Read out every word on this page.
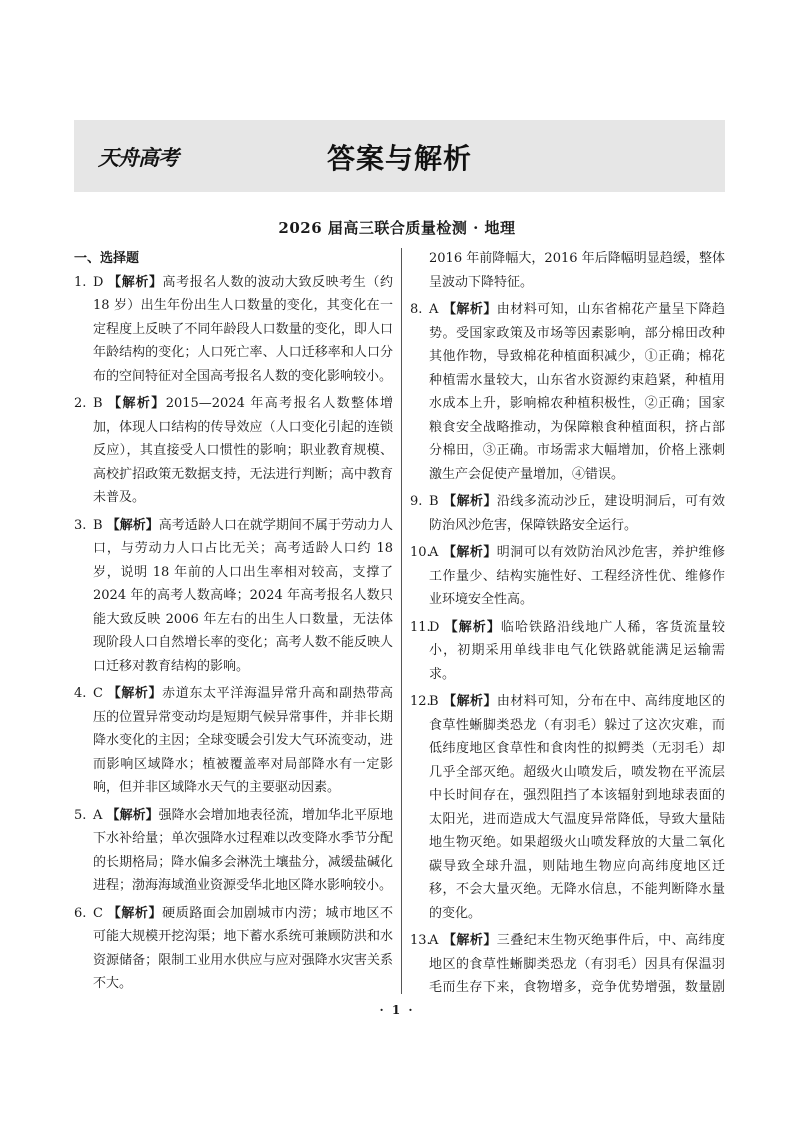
天舟高考	答案与解析
2026 届高三联合质量检测 · 地理
一、选择题
1. D 【解析】高考报名人数的波动大致反映考生（约 18 岁）出生年份出生人口数量的变化，其变化在一定程度上反映了不同年龄段人口数量的变化，即人口年龄结构的变化；人口死亡率、人口迁移率和人口分布的空间特征对全国高考报名人数的变化影响较小。
2. B 【解析】2015—2024 年高考报名人数整体增加，体现人口结构的传导效应（人口变化引起的连锁反应），其直接受人口惯性的影响；职业教育规模、高校扩招政策无数据支持，无法进行判断；高中教育未普及。
3. B 【解析】高考适龄人口在就学期间不属于劳动力人口，与劳动力人口占比无关；高考适龄人口约 18 岁，说明 18 年前的人口出生率相对较高，支撑了 2024 年的高考人数高峰；2024 年高考报名人数只能大致反映 2006 年左右的出生人口数量，无法体现阶段人口自然增长率的变化；高考人数不能反映人口迁移对教育结构的影响。
4. C 【解析】赤道东太平洋海温异常升高和副热带高压的位置异常变动均是短期气候异常事件，并非长期降水变化的主因；全球变暖会引发大气环流变动，进而影响区域降水；植被覆盖率对局部降水有一定影响，但并非区域降水天气的主要驱动因素。
5. A 【解析】强降水会增加地表径流，增加华北平原地下水补给量；单次强降水过程难以改变降水季节分配的长期格局；降水偏多会淋洗土壤盐分，减缓盐碱化进程；渤海海域渔业资源受华北地区降水影响较小。
6. C 【解析】硬质路面会加剧城市内涝；城市地区不可能大规模开挖沟渠；地下蓄水系统可兼顾防洪和水资源储备；限制工业用水供应与应对强降水灾害关系不大。
2016 年前降幅大，2016 年后降幅明显趋缓，整体呈波动下降特征。
8. A 【解析】由材料可知，山东省棉花产量呈下降趋势。受国家政策及市场等因素影响，部分棉田改种其他作物，导致棉花种植面积减少，①正确；棉花种植需水量较大，山东省水资源约束趋紧，种植用水成本上升，影响棉农种植积极性，②正确；国家粮食安全战略推动，为保障粮食种植面积，挤占部分棉田，③正确。市场需求大幅增加，价格上涨刺激生产会促使产量增加，④错误。
9. B 【解析】沿线多流动沙丘，建设明洞后，可有效防治风沙危害，保障铁路安全运行。
10.
A 【解析】明洞可以有效防治风沙危害，养护维修工作量少、结构实施性好、工程经济性优、维修作业环境安全性高。
11.
D 【解析】临哈铁路沿线地广人稀，客货流量较小，初期采用单线非电气化铁路就能满足运输需求。
12.
B 【解析】由材料可知，分布在中、高纬度地区的食草性蜥脚类恐龙（有羽毛）躲过了这次灾难，而低纬度地区食草性和食肉性的拟鳄类（无羽毛）却几乎全部灭绝。超级火山喷发后，喷发物在平流层中长时间存在，强烈阻挡了本该辐射到地球表面的太阳光，进而造成大气温度异常降低，导致大量陆地生物灭绝。如果超级火山喷发释放的大量二氧化碳导致全球升温，则陆地生物应向高纬度地区迁移，不会大量灭绝。无降水信息，不能判断降水量的变化。
13.
A 【解析】三叠纪末生物灭绝事件后，中、高纬度地区的食草性蜥脚类恐龙（有羽毛）因具有保温羽毛而生存下来，食物增多，竞争优势增强，数量剧
· 1 ·
